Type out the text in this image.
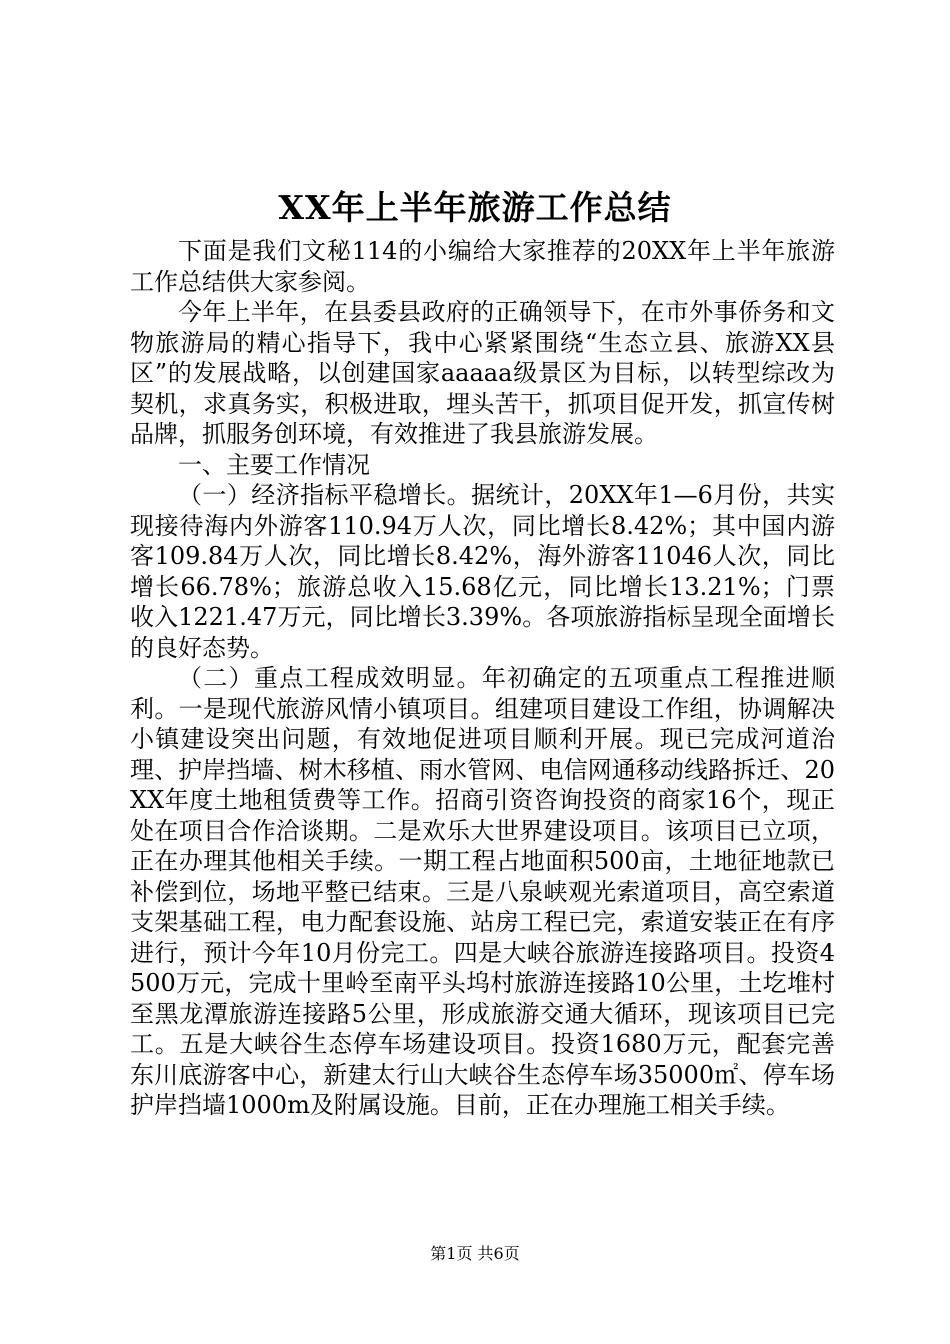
XX年上半年旅游工作总结

下面是我们文秘114的小编给大家推荐的20XX年上半年旅游工作总结供大家参阅。

今年上半年，在县委县政府的正确领导下，在市外事侨务和文物旅游局的精心指导下，我中心紧紧围绕“生态立县、旅游XX县区”的发展战略，以创建国家aaaaa级景区为目标，以转型综改为契机，求真务实，积极进取，埋头苦干，抓项目促开发，抓宣传树品牌，抓服务创环境，有效推进了我县旅游发展。

一、主要工作情况

（一）经济指标平稳增长。据统计，20XX年1—6月份，共实现接待海内外游客110.94万人次，同比增长8.42%；其中国内游客109.84万人次，同比增长8.42%，海外游客11046人次，同比增长66.78%；旅游总收入15.68亿元，同比增长13.21%；门票收入1221.47万元，同比增长3.39%。各项旅游指标呈现全面增长的良好态势。

（二）重点工程成效明显。年初确定的五项重点工程推进顺利。一是现代旅游风情小镇项目。组建项目建设工作组，协调解决小镇建设突出问题，有效地促进项目顺利开展。现已完成河道治理、护岸挡墙、树木移植、雨水管网、电信网通移动线路拆迁、20XX年度土地租赁费等工作。招商引资咨询投资的商家16个，现正处在项目合作洽谈期。二是欢乐大世界建设项目。该项目已立项，正在办理其他相关手续。一期工程占地面积500亩，土地征地款已补偿到位，场地平整已结束。三是八泉峡观光索道项目，高空索道支架基础工程，电力配套设施、站房工程已完，索道安装正在有序进行，预计今年10月份完工。四是大峡谷旅游连接路项目。投资4500万元，完成十里岭至南平头坞村旅游连接路10公里，土圪堆村至黑龙潭旅游连接路5公里，形成旅游交通大循环，现该项目已完工。五是大峡谷生态停车场建设项目。投资1680万元，配套完善东川底游客中心，新建太行山大峡谷生态停车场35000㎡、停车场护岸挡墙1000m及附属设施。目前，正在办理施工相关手续。

第1页 共6页
